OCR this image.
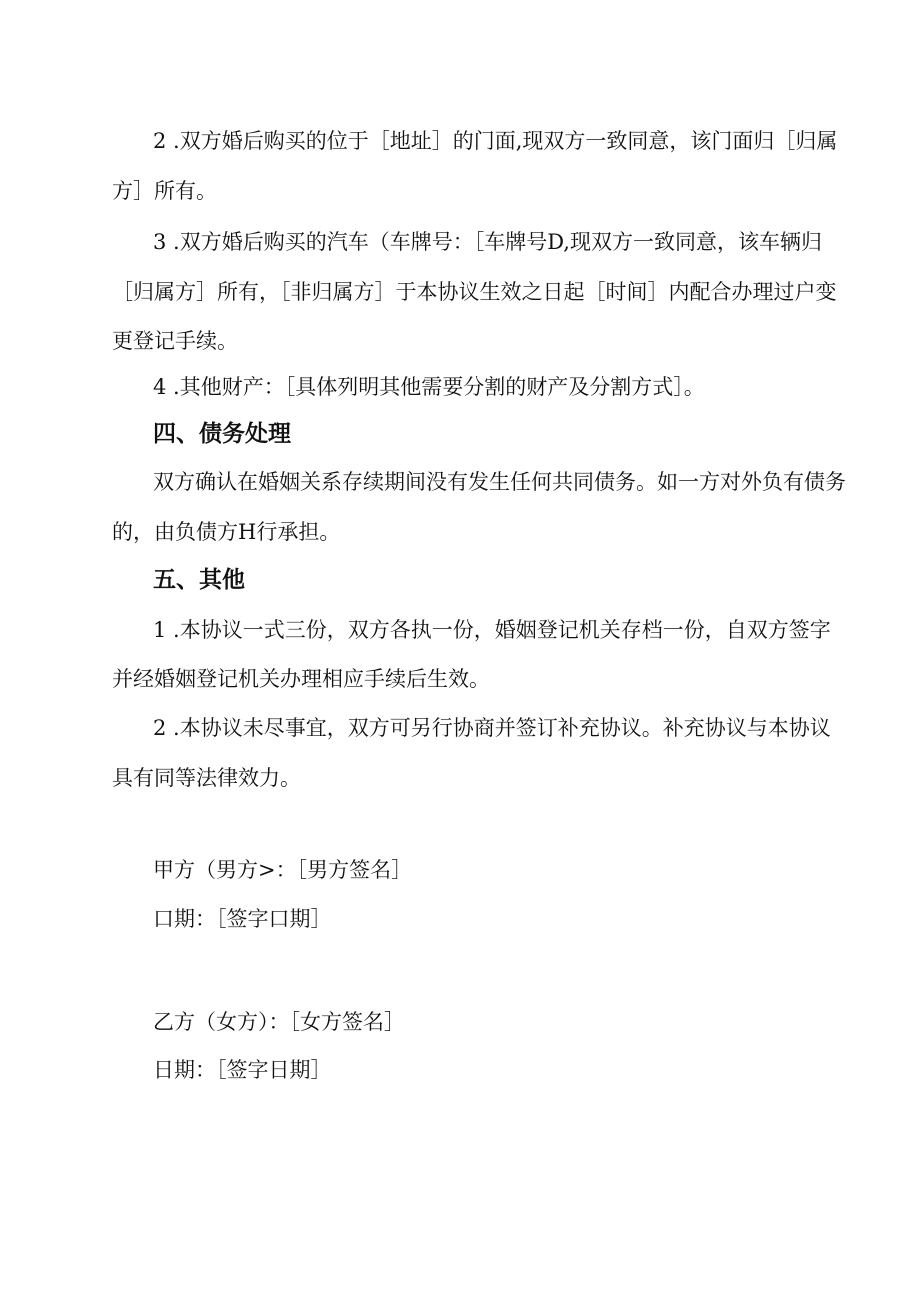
2 .双方婚后购买的位于［地址］的门面,现双方一致同意，该门面归［归属
方］所有。
3 .双方婚后购买的汽车（车牌号：［车牌号D,现双方一致同意，该车辆归
［归属方］所有，［非归属方］于本协议生效之日起［时间］内配合办理过户变
更登记手续。
4 .其他财产：［具体列明其他需要分割的财产及分割方式］。
四、债务处理
双方确认在婚姻关系存续期间没有发生任何共同债务。如一方对外负有债务
的，由负债方H行承担。
五、其他
1 .本协议一式三份，双方各执一份，婚姻登记机关存档一份，自双方签字
并经婚姻登记机关办理相应手续后生效。
2 .本协议未尽事宜，双方可另行协商并签订补充协议。补充协议与本协议
具有同等法律效力。
甲方（男方>：［男方签名］
口期：［签字口期］
乙方（女方）：［女方签名］
日期：［签字日期］
